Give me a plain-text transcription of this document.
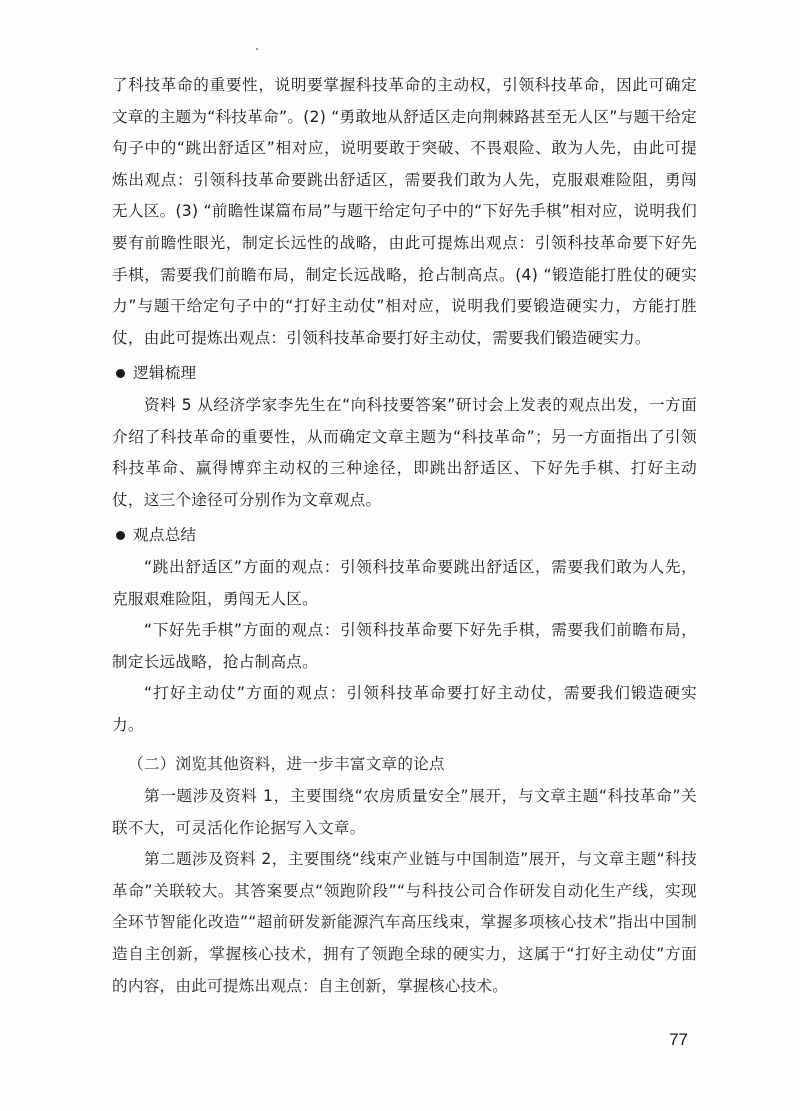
了科技革命的重要性，说明要掌握科技革命的主动权，引领科技革命，因此可确定文章的主题为“科技革命”。(2) “勇敢地从舒适区走向荆棘路甚至无人区”与题干给定句子中的“跳出舒适区”相对应，说明要敢于突破、不畏艰险、敢为人先，由此可提炼出观点：引领科技革命要跳出舒适区，需要我们敢为人先，克服艰难险阻，勇闯无人区。(3) “前瞻性谋篇布局”与题干给定句子中的“下好先手棋”相对应，说明我们要有前瞻性眼光，制定长远性的战略，由此可提炼出观点：引领科技革命要下好先手棋，需要我们前瞻布局，制定长远战略，抢占制高点。(4) “锻造能打胜仗的硬实力”与题干给定句子中的“打好主动仗”相对应，说明我们要锻造硬实力，方能打胜仗，由此可提炼出观点：引领科技革命要打好主动仗，需要我们锻造硬实力。

逻辑梳理

资料 5 从经济学家李先生在“向科技要答案”研讨会上发表的观点出发，一方面介绍了科技革命的重要性，从而确定文章主题为“科技革命”；另一方面指出了引领科技革命、赢得博弈主动权的三种途径，即跳出舒适区、下好先手棋、打好主动仗，这三个途径可分别作为文章观点。

观点总结

“跳出舒适区”方面的观点：引领科技革命要跳出舒适区，需要我们敢为人先，克服艰难险阻，勇闯无人区。

“下好先手棋”方面的观点：引领科技革命要下好先手棋，需要我们前瞻布局，制定长远战略，抢占制高点。

“打好主动仗”方面的观点：引领科技革命要打好主动仗，需要我们锻造硬实力。

（二）浏览其他资料，进一步丰富文章的论点

第一题涉及资料 1，主要围绕“农房质量安全”展开，与文章主题“科技革命”关联不大，可灵活化作论据写入文章。

第二题涉及资料 2，主要围绕“线束产业链与中国制造”展开，与文章主题“科技革命”关联较大。其答案要点“领跑阶段”“与科技公司合作研发自动化生产线，实现全环节智能化改造”“超前研发新能源汽车高压线束，掌握多项核心技术”指出中国制造自主创新，掌握核心技术，拥有了领跑全球的硬实力，这属于“打好主动仗”方面的内容，由此可提炼出观点：自主创新，掌握核心技术。

77
